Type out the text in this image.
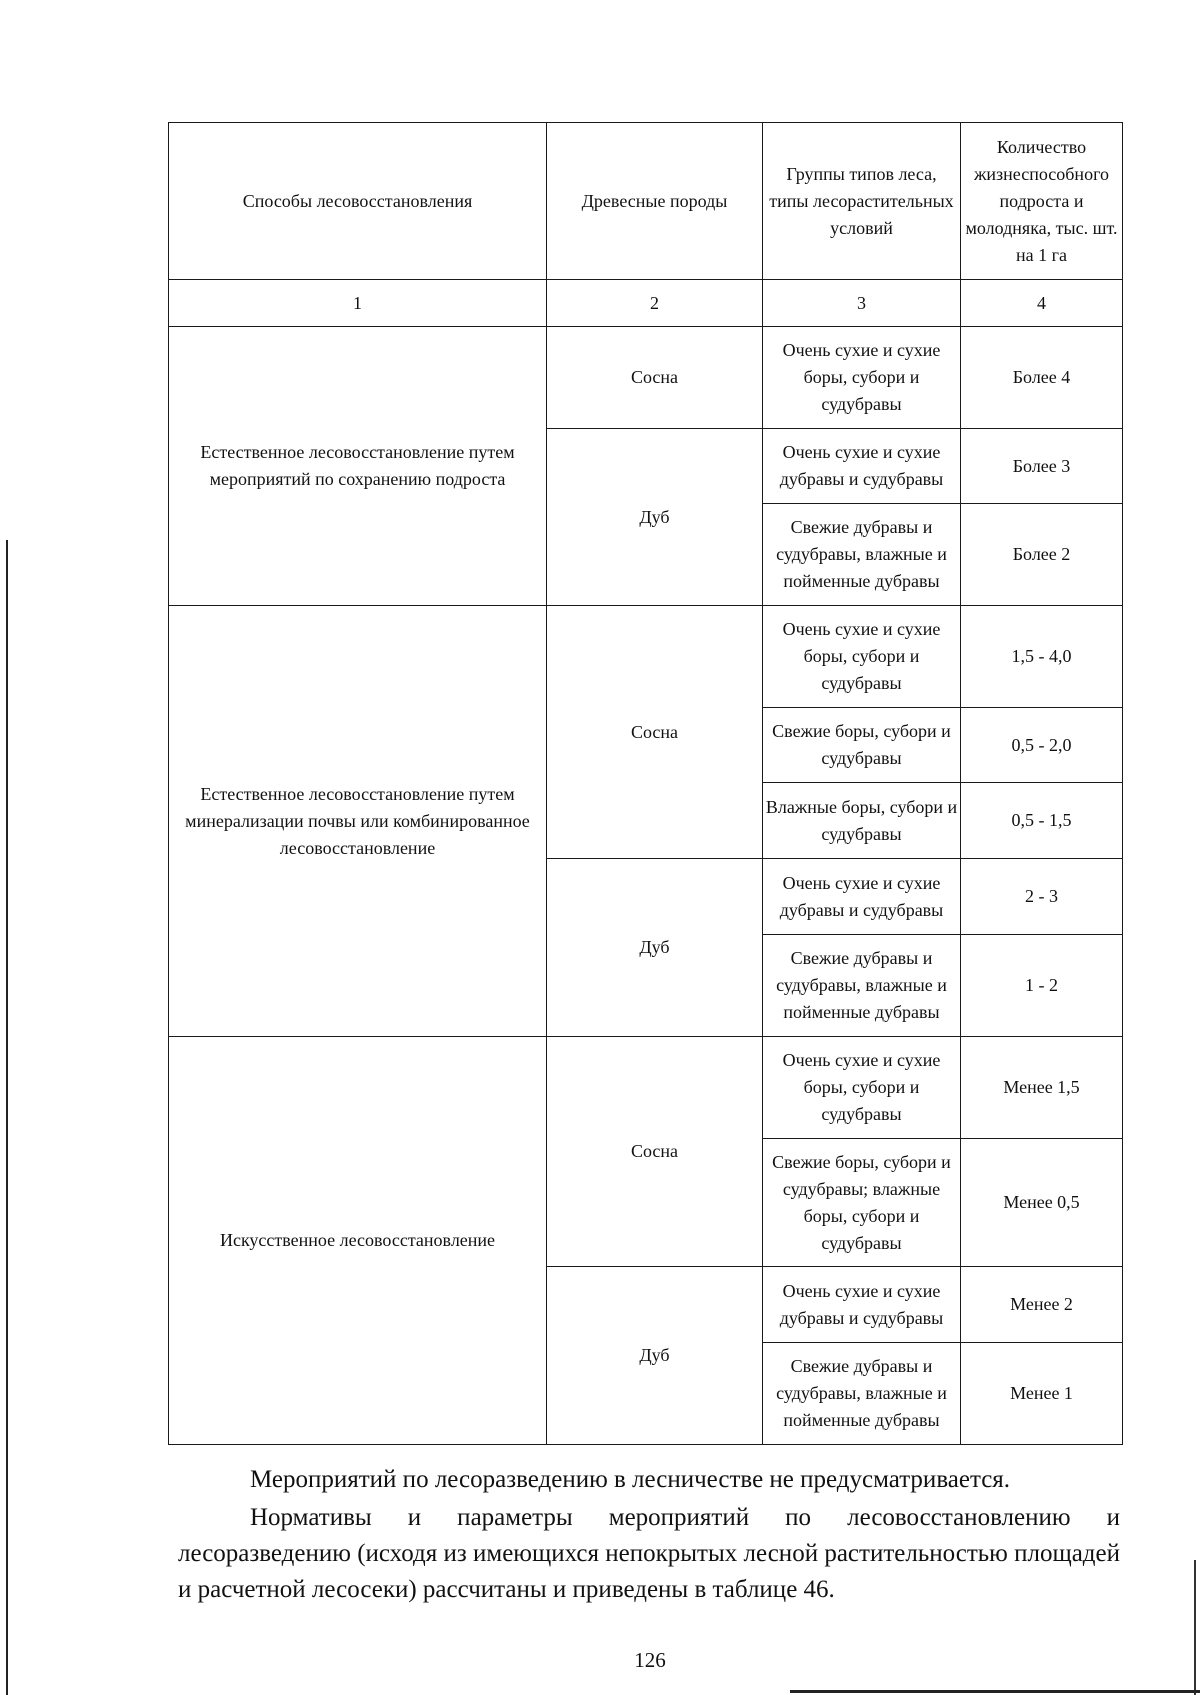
Способы лесовосстановления	Древесные породы	Группы типов леса, типы лесорастительных условий	Количество жизнеспособного подроста и молодняка, тыс. шт. на 1 га
1	2	3	4
Естественное лесовосстановление путем мероприятий по сохранению подроста	Сосна	Очень сухие и сухие боры, субори и судубравы	Более 4
	Дуб	Очень сухие и сухие дубравы и судубравы	Более 3
		Свежие дубравы и судубравы, влажные и пойменные дубравы	Более 2
Естественное лесовосстановление путем минерализации почвы или комбинированное лесовосстановление	Сосна	Очень сухие и сухие боры, субори и судубравы	1,5 - 4,0
		Свежие боры, субори и судубравы	0,5 - 2,0
		Влажные боры, субори и судубравы	0,5 - 1,5
	Дуб	Очень сухие и сухие дубравы и судубравы	2 - 3
		Свежие дубравы и судубравы, влажные и пойменные дубравы	1 - 2
Искусственное лесовосстановление	Сосна	Очень сухие и сухие боры, субори и судубравы	Менее 1,5
		Свежие боры, субори и судубравы; влажные боры, субори и судубравы	Менее 0,5
	Дуб	Очень сухие и сухие дубравы и судубравы	Менее 2
		Свежие дубравы и судубравы, влажные и пойменные дубравы	Менее 1
Мероприятий по лесоразведению в лесничестве не предусматривается.
Нормативы и параметры мероприятий по лесовосстановлению и лесоразведению (исходя из имеющихся непокрытых лесной растительностью площадей и расчетной лесосеки) рассчитаны и приведены в таблице 46.
126
